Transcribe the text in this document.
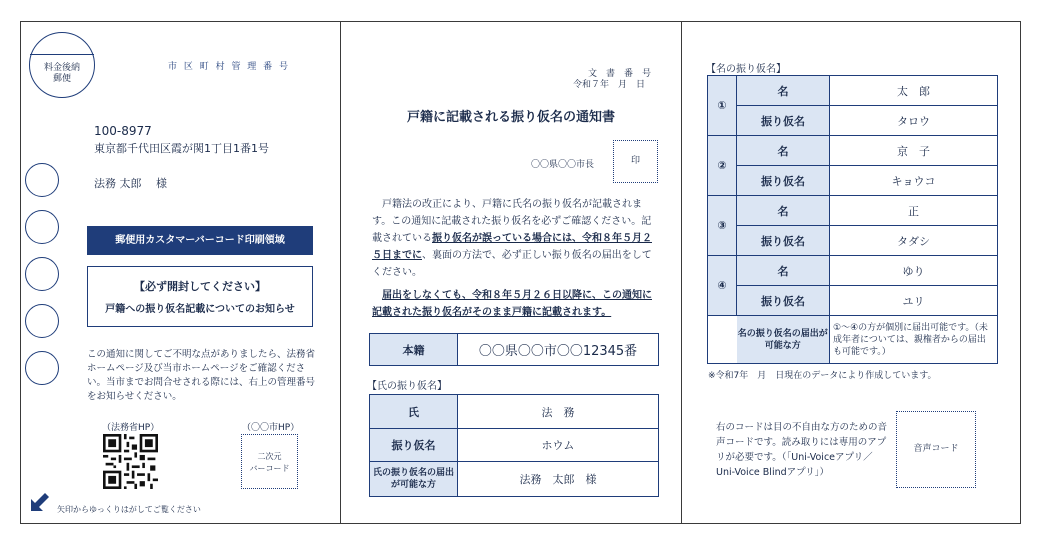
料金後納
郵便
市 区 町 村 管 理 番 号
100-8977
東京都千代田区霞が関1丁目1番1号
法務 太郎　 様
郵便用カスタマーバーコード印刷領域
【必ず開封してください】
戸籍への振り仮名記載についてのお知らせ
この通知に関してご不明な点がありましたら、法務省ホームページ及び当市ホームページをご確認ください。当市までお問合せされる際には、右上の管理番号をお知らせください。
（法務省HP）	（〇〇市HP）
二次元
バーコード
矢印からゆっくりはがしてご覧ください
文　書　番　号
令和７年　月　日
戸籍に記載される振り仮名の通知書
〇〇県〇〇市長	印
戸籍法の改正により、戸籍に氏名の振り仮名が記載されます。この通知に記載された振り仮名を必ずご確認ください。記載されている振り仮名が誤っている場合には、令和８年５月２５日までに、裏面の方法で、必ず正しい振り仮名の届出をしてください。
届出をしなくても、令和８年５月２６日以降に、この通知に記載された振り仮名がそのまま戸籍に記載されます。
本籍	〇〇県〇〇市〇〇12345番
【氏の振り仮名】
氏	法　務
振り仮名	ホウム
氏の振り仮名の届出が可能な方	法務　太郎　様
【名の振り仮名】
①	名	太　郎
	振り仮名	タロウ
②	名	京　子
	振り仮名	キョウコ
③	名	正
	振り仮名	タダシ
④	名	ゆり
	振り仮名	ユリ
	名の振り仮名の届出が可能な方	①～④の方が個別に届出可能です。（未成年者については、親権者からの届出も可能です。）
※令和7年　月　日現在のデータにより作成しています。
右のコードは目の不自由な方のための音声コードです。読み取りには専用のアプリが必要です。（「Uni-Voiceアプリ／Uni-Voice Blindアプリ」）
音声コード
